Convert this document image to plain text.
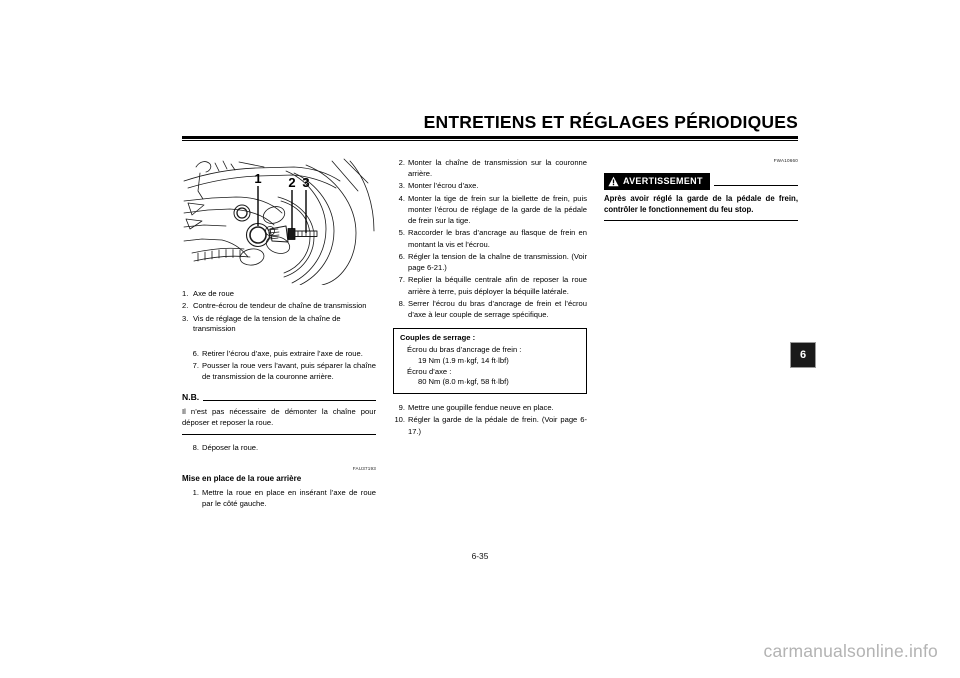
ENTRETIENS ET RÉGLAGES PÉRIODIQUES
1 2 3
1. Axe de roue
2. Contre-écrou de tendeur de chaîne de transmission
3. Vis de réglage de la tension de la chaîne de transmission
6. Retirer l’écrou d’axe, puis extraire l’axe de roue.
7. Pousser la roue vers l’avant, puis séparer la chaîne de transmission de la couronne arrière.
N.B.
Il n’est pas nécessaire de démonter la chaîne pour déposer et reposer la roue.
8. Déposer la roue.
FAU37193
Mise en place de la roue arrière
1. Mettre la roue en place en insérant l’axe de roue par le côté gauche.
2. Monter la chaîne de transmission sur la couronne arrière.
3. Monter l’écrou d’axe.
4. Monter la tige de frein sur la biellette de frein, puis monter l’écrou de réglage de la garde de la pédale de frein sur la tige.
5. Raccorder le bras d’ancrage au flasque de frein en montant la vis et l’écrou.
6. Régler la tension de la chaîne de transmission. (Voir page 6-21.)
7. Replier la béquille centrale afin de reposer la roue arrière à terre, puis déployer la béquille latérale.
8. Serrer l’écrou du bras d’ancrage de frein et l’écrou d’axe à leur couple de serrage spécifique.
Couples de serrage :
Écrou du bras d’ancrage de frein :
19 Nm (1.9 m·kgf, 14 ft·lbf)
Écrou d’axe :
80 Nm (8.0 m·kgf, 58 ft·lbf)
9. Mettre une goupille fendue neuve en place.
10. Régler la garde de la pédale de frein. (Voir page 6-17.)
FWA10660
AVERTISSEMENT
Après avoir réglé la garde de la pédale de frein, contrôler le fonctionnement du feu stop.
6
6-35
carmanualsonline.info
